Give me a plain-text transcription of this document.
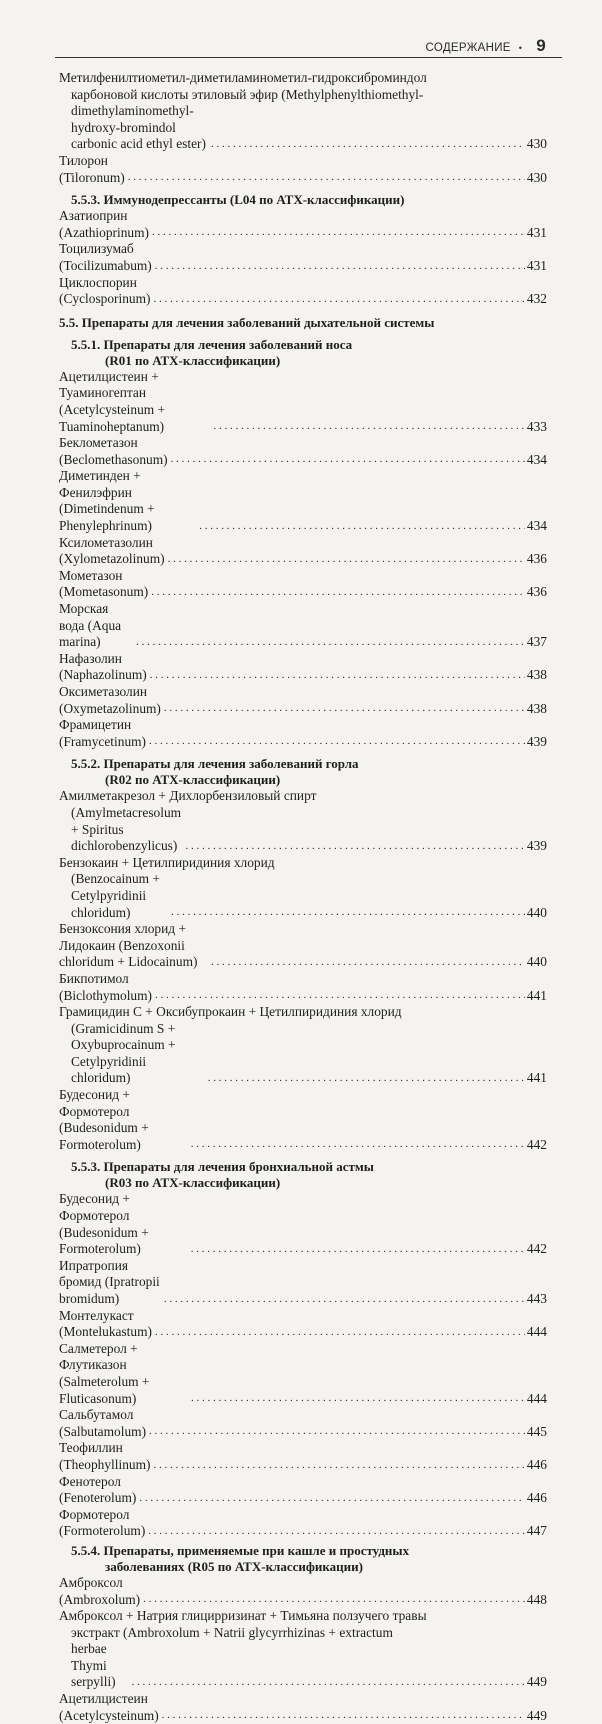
СОДЕРЖАНИЕ • 9
Метилфенилтиометил-диметиламинометил-гидроксиброминдол
карбоновой кислоты этиловый эфир (Methylphenylthiomethyl-
dimethylaminomethyl-hydroxy-bromindol carbonic acid ethyl ester) . . .	430
Тилорон (Tiloronum) . . .	430
5.5.3. Иммунодепрессанты (L04 по АТХ-классификации)
Азатиоприн (Azathioprinum) . . .	431
Тоцилизумаб (Tocilizumabum) . . .	431
Циклоспорин (Cyclosporinum) . . .	432
5.5. Препараты для лечения заболеваний дыхательной системы
5.5.1. Препараты для лечения заболеваний носа
(R01 по АТХ-классификации)
Ацетилцистеин + Туаминогептан (Acetylcysteinum + Tuaminoheptanum) . . .	433
Беклометазон (Beclomethasonum) . . .	434
Диметинден + Фенилэфрин (Dimetindenum + Phenylephrinum) . . .	434
Ксилометазолин (Xylometazolinum) . . .	436
Мометазон (Mometasonum) . . .	436
Морская вода (Aqua marina) . . .	437
Нафазолин (Naphazolinum) . . .	438
Оксиметазолин (Oxymetazolinum) . . .	438
Фрамицетин (Framycetinum) . . .	439
5.5.2. Препараты для лечения заболеваний горла
(R02 по АТХ-классификации)
Амилметакрезол + Дихлорбензиловый спирт
(Amylmetacresolum + Spiritus dichlorobenzylicus) . . .	439
Бензокаин + Цетилпиридиния хлорид
(Benzocainum + Cetylpyridinii chloridum) . . .	440
Бензоксония хлорид + Лидокаин (Benzoxonii chloridum + Lidocainum) . . .	440
Бикпотимол (Biclothymolum) . . .	441
Грамицидин С + Оксибупрокаин + Цетилпиридиния хлорид
(Gramicidinum S + Oxybuprocainum + Cetylpyridinii chloridum) . . .	441
Будесонид + Формотерол (Budesonidum + Formoterolum) . . .	442
5.5.3. Препараты для лечения бронхиальной астмы
(R03 по АТХ-классификации)
Будесонид + Формотерол (Budesonidum + Formoterolum) . . .	442
Ипратропия бромид (Ipratropii bromidum) . . .	443
Монтелукаст (Montelukastum) . . .	444
Салметерол + Флутиказон (Salmeterolum + Fluticasonum) . . .	444
Сальбутамол (Salbutamolum) . . .	445
Теофиллин (Theophyllinum) . . .	446
Фенотерол (Fenoterolum) . . .	446
Формотерол (Formoterolum) . . .	447
5.5.4. Препараты, применяемые при кашле и простудных
заболеваниях (R05 по АТХ-классификации)
Амброксол (Ambroxolum) . . .	448
Амброксол + Натрия глицирризинат + Тимьяна ползучего травы
экстракт (Ambroxolum + Natrii glycyrrhizinas + extractum
herbae Thymi serpylli) . . .	449
Ацетилцистеин (Acetylcysteinum) . . .	449
